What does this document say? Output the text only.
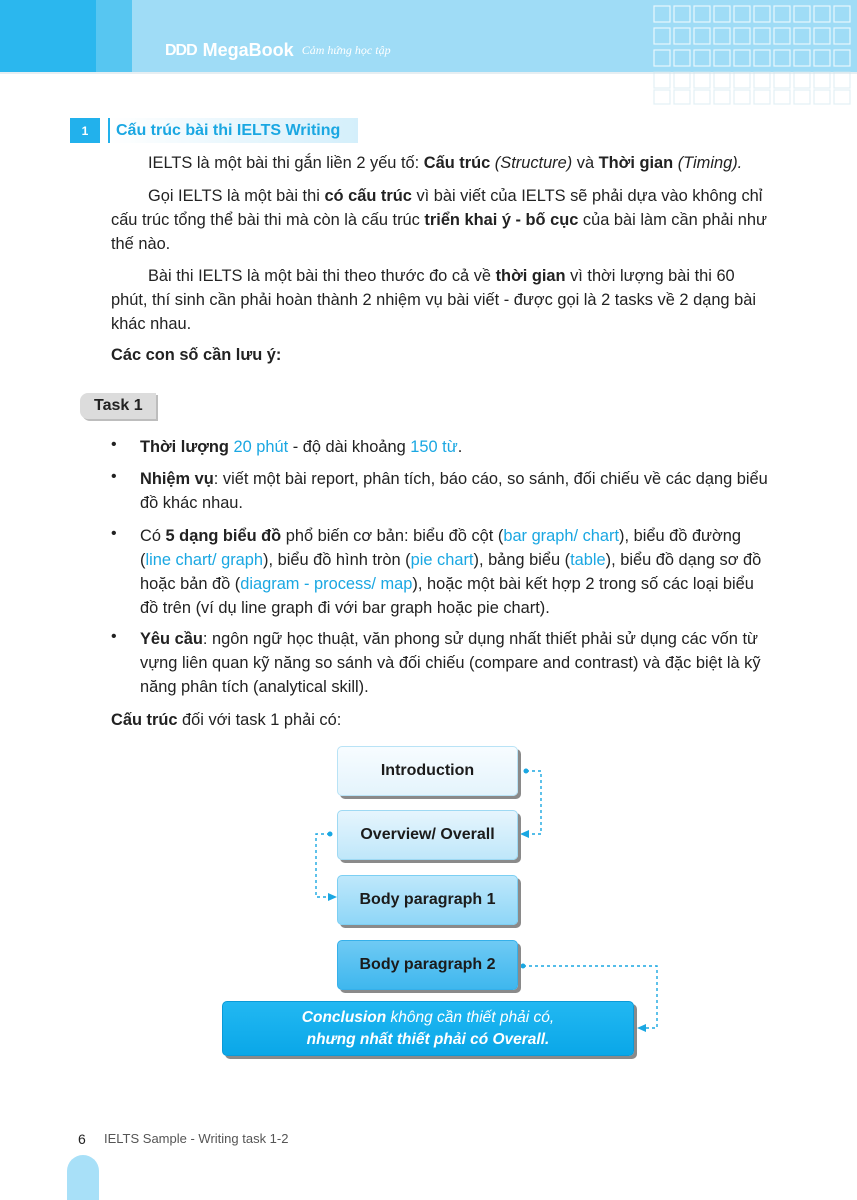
DDD MegaBook Cảm hứng học tập
1	Cấu trúc bài thi IELTS Writing
IELTS là một bài thi gắn liền 2 yếu tố: Cấu trúc (Structure) và Thời gian (Timing).
Gọi IELTS là một bài thi có cấu trúc vì bài viết của IELTS sẽ phải dựa vào không chỉ cấu trúc tổng thể bài thi mà còn là cấu trúc triển khai ý - bố cục của bài làm cần phải như thế nào.
Bài thi IELTS là một bài thi theo thước đo cả về thời gian vì thời lượng bài thi 60 phút, thí sinh cần phải hoàn thành 2 nhiệm vụ bài viết - được gọi là 2 tasks về 2 dạng bài khác nhau.
Các con số cần lưu ý:
Task 1
• Thời lượng 20 phút - độ dài khoảng 150 từ.
• Nhiệm vụ: viết một bài report, phân tích, báo cáo, so sánh, đối chiếu về các dạng biểu đồ khác nhau.
• Có 5 dạng biểu đồ phổ biến cơ bản: biểu đồ cột (bar graph/ chart), biểu đồ đường (line chart/ graph), biểu đồ hình tròn (pie chart), bảng biểu (table), biểu đồ dạng sơ đồ hoặc bản đồ (diagram - process/ map), hoặc một bài kết hợp 2 trong số các loại biểu đồ trên (ví dụ line graph đi với bar graph hoặc pie chart).
• Yêu cầu: ngôn ngữ học thuật, văn phong sử dụng nhất thiết phải sử dụng các vốn từ vựng liên quan kỹ năng so sánh và đối chiếu (compare and contrast) và đặc biệt là kỹ năng phân tích (analytical skill).
Cấu trúc đối với task 1 phải có:
Introduction
Overview/ Overall
Body paragraph 1
Body paragraph 2
Conclusion không cần thiết phải có,
nhưng nhất thiết phải có Overall.
6 IELTS Sample - Writing task 1-2
